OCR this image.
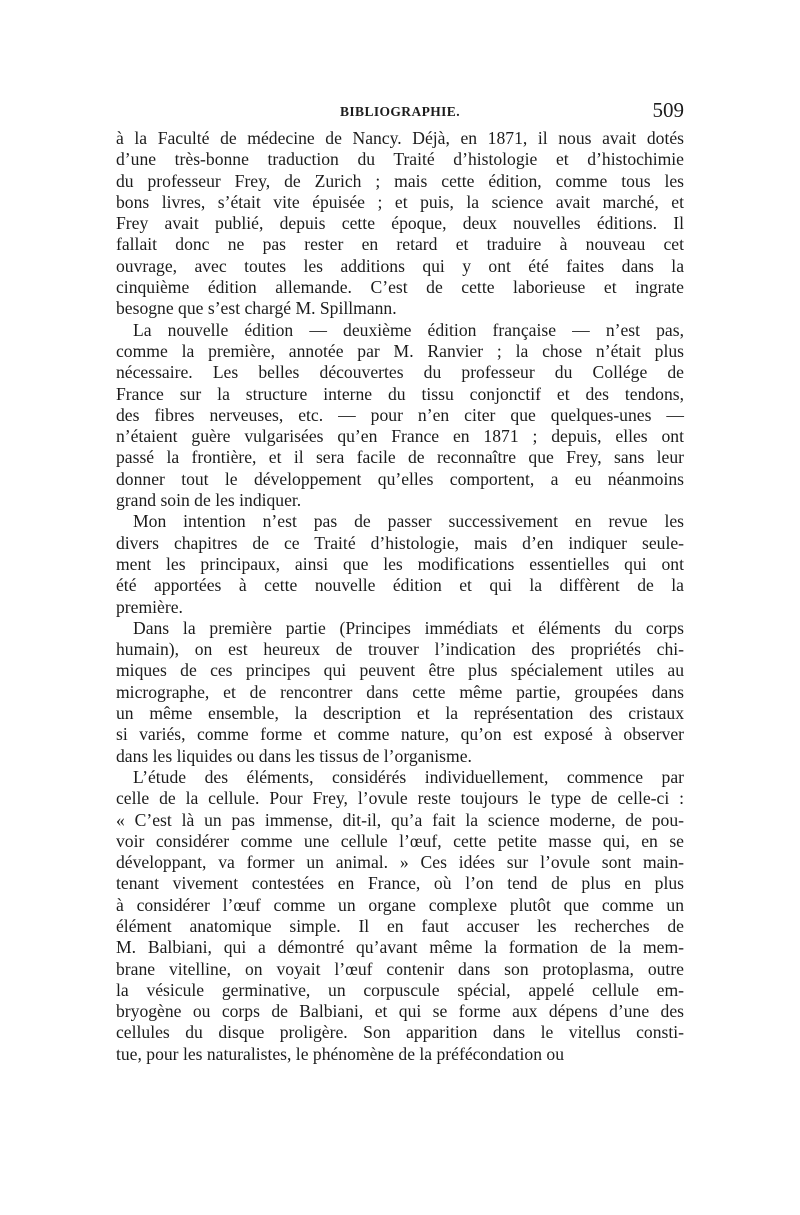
BIBLIOGRAPHIE.	509
à la Faculté de médecine de Nancy. Déjà, en 1871, il nous avait dotés
d’une très-bonne traduction du Traité d’histologie et d’histochimie
du professeur Frey, de Zurich ; mais cette édition, comme tous les
bons livres, s’était vite épuisée ; et puis, la science avait marché, et
Frey avait publié, depuis cette époque, deux nouvelles éditions. Il
fallait donc ne pas rester en retard et traduire à nouveau cet
ouvrage, avec toutes les additions qui y ont été faites dans la
cinquième édition allemande. C’est de cette laborieuse et ingrate
besogne que s’est chargé M. Spillmann.
La nouvelle édition — deuxième édition française — n’est pas,
comme la première, annotée par M. Ranvier ; la chose n’était plus
nécessaire. Les belles découvertes du professeur du Collége de
France sur la structure interne du tissu conjonctif et des tendons,
des fibres nerveuses, etc. — pour n’en citer que quelques-unes —
n’étaient guère vulgarisées qu’en France en 1871 ; depuis, elles ont
passé la frontière, et il sera facile de reconnaître que Frey, sans leur
donner tout le développement qu’elles comportent, a eu néanmoins
grand soin de les indiquer.
Mon intention n’est pas de passer successivement en revue les
divers chapitres de ce Traité d’histologie, mais d’en indiquer seule-
ment les principaux, ainsi que les modifications essentielles qui ont
été apportées à cette nouvelle édition et qui la diffèrent de la
première.
Dans la première partie (Principes immédiats et éléments du corps
humain), on est heureux de trouver l’indication des propriétés chi-
miques de ces principes qui peuvent être plus spécialement utiles au
micrographe, et de rencontrer dans cette même partie, groupées dans
un même ensemble, la description et la représentation des cristaux
si variés, comme forme et comme nature, qu’on est exposé à observer
dans les liquides ou dans les tissus de l’organisme.
L’étude des éléments, considérés individuellement, commence par
celle de la cellule. Pour Frey, l’ovule reste toujours le type de celle-ci :
« C’est là un pas immense, dit-il, qu’a fait la science moderne, de pou-
voir considérer comme une cellule l’œuf, cette petite masse qui, en se
développant, va former un animal. » Ces idées sur l’ovule sont main-
tenant vivement contestées en France, où l’on tend de plus en plus
à considérer l’œuf comme un organe complexe plutôt que comme un
élément anatomique simple. Il en faut accuser les recherches de
M. Balbiani, qui a démontré qu’avant même la formation de la mem-
brane vitelline, on voyait l’œuf contenir dans son protoplasma, outre
la vésicule germinative, un corpuscule spécial, appelé cellule em-
bryogène ou corps de Balbiani, et qui se forme aux dépens d’une des
cellules du disque proligère. Son apparition dans le vitellus consti-
tue, pour les naturalistes, le phénomène de la préfécondation ou
